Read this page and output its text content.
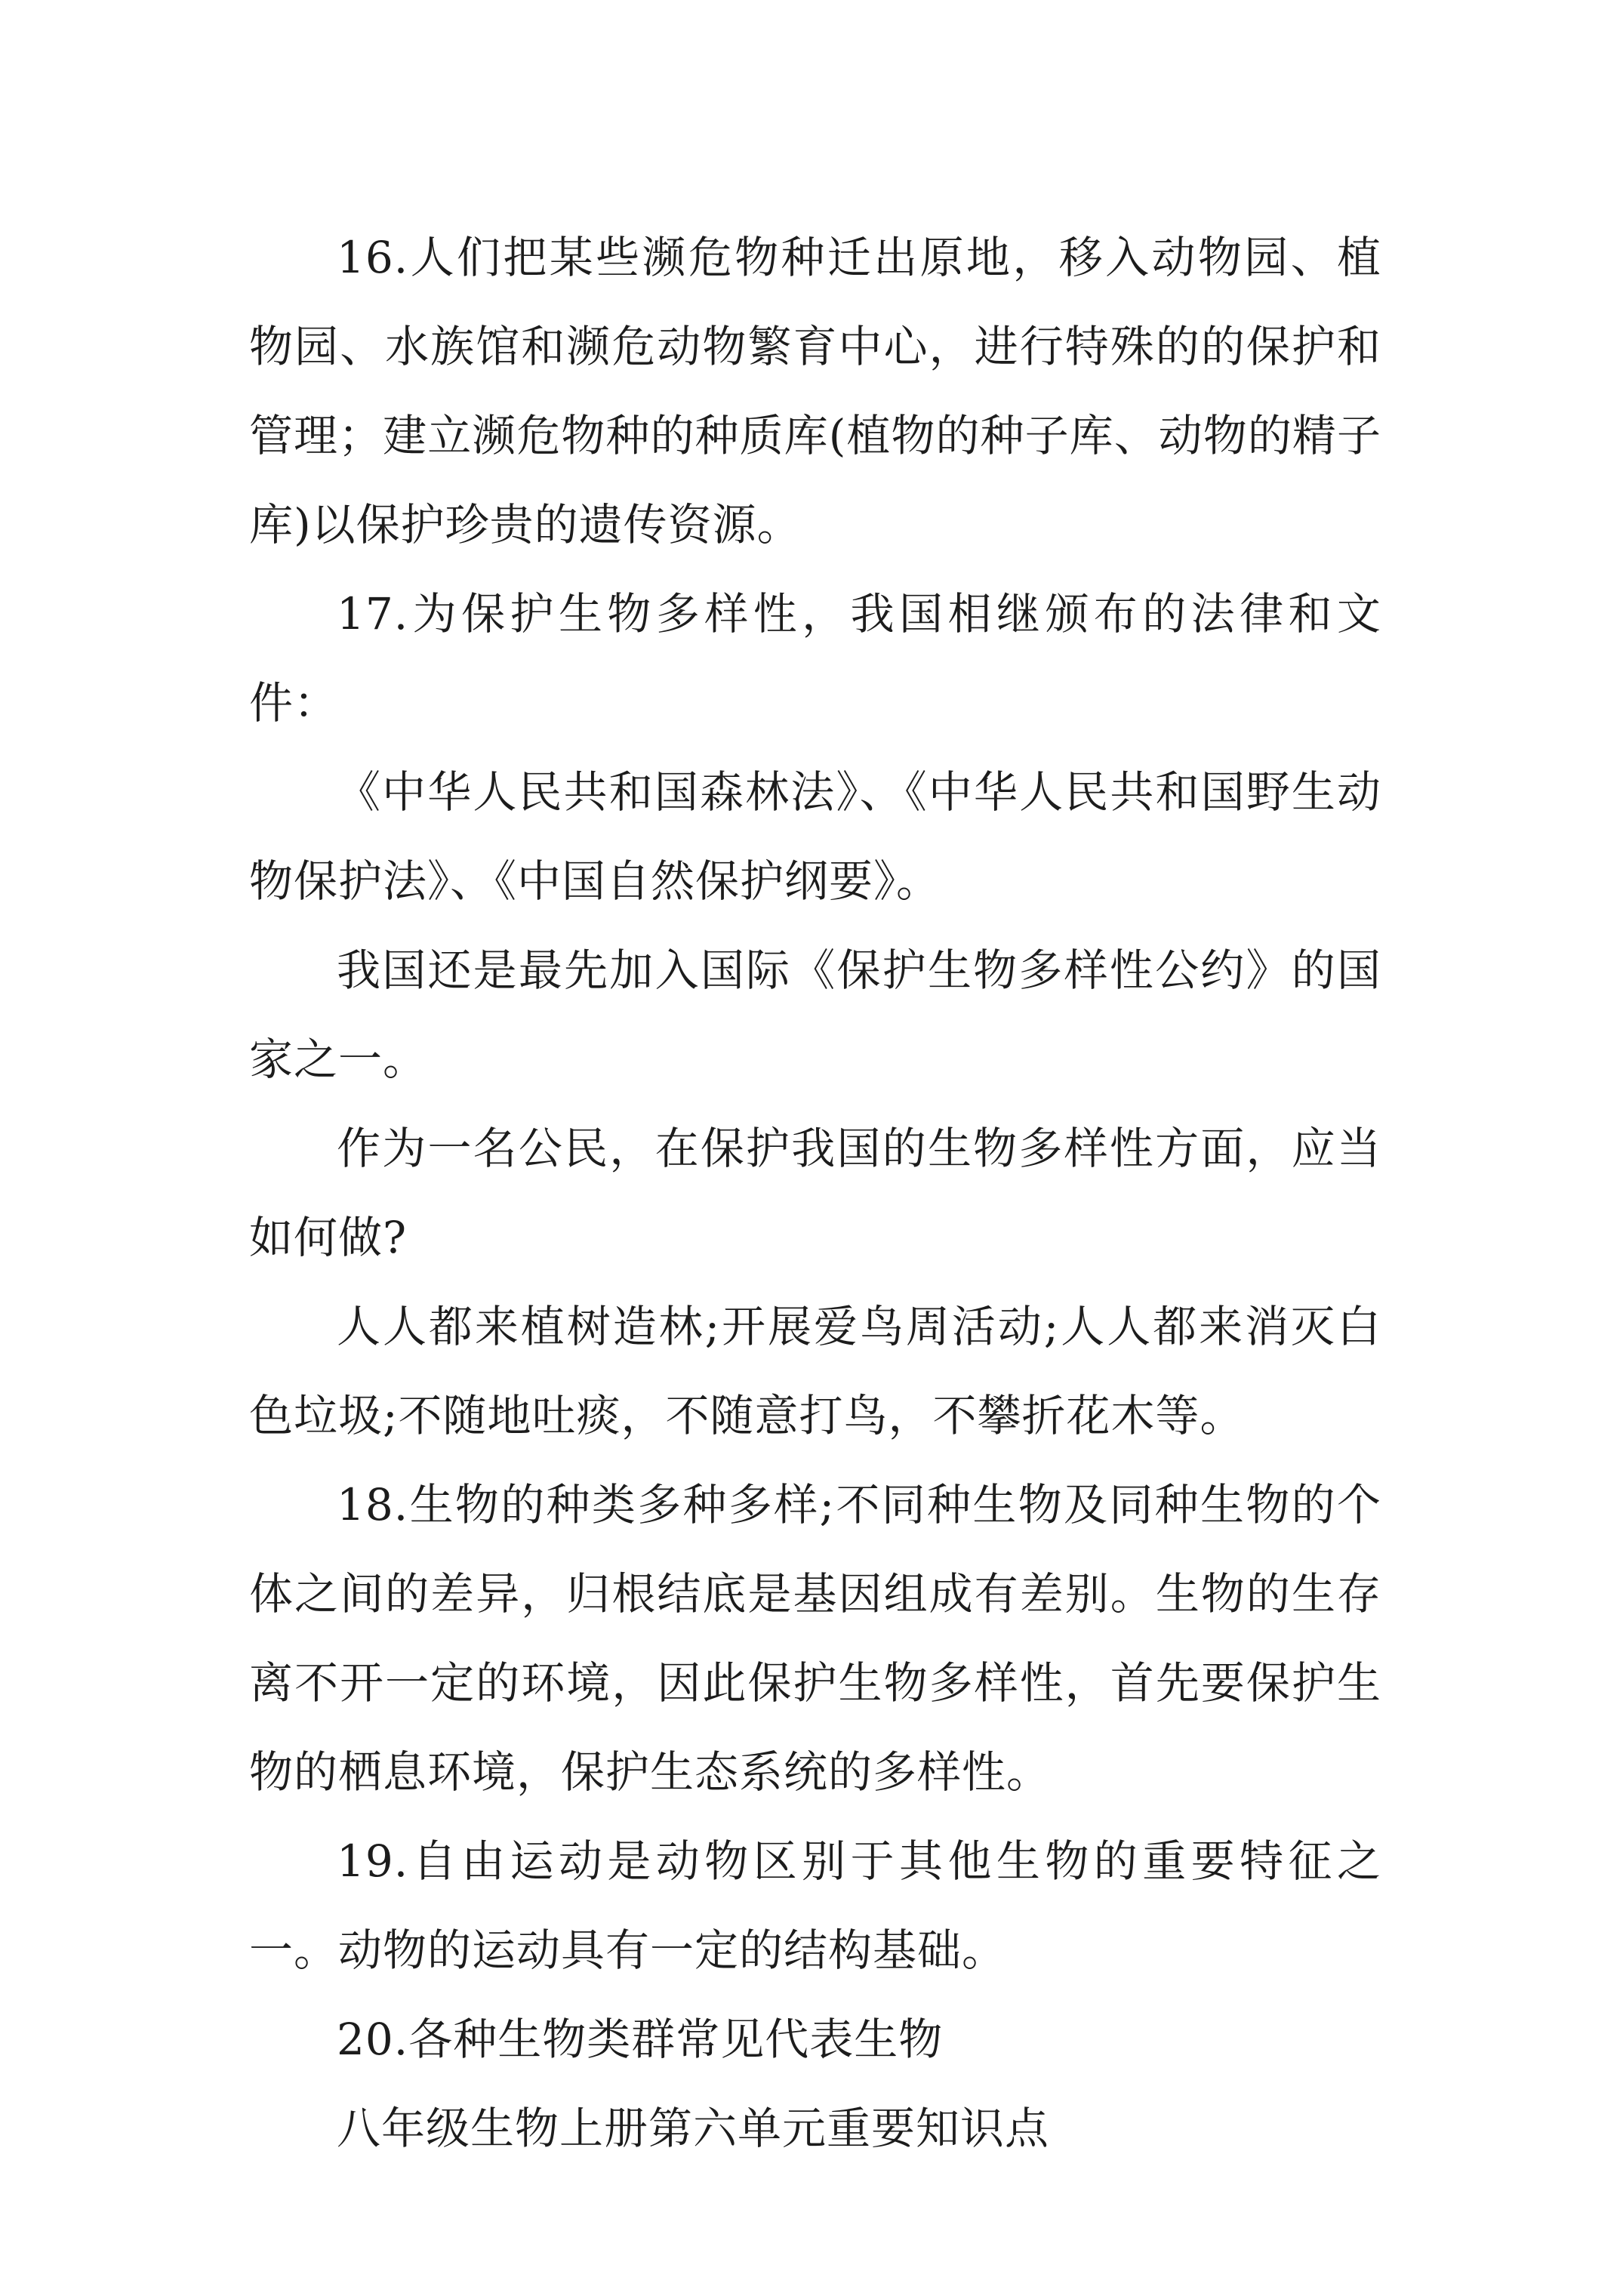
16.人们把某些濒危物种迁出原地，移入动物园、植物园、水族馆和濒危动物繁育中心，进行特殊的的保护和管理；建立濒危物种的种质库(植物的种子库、动物的精子库)以保护珍贵的遗传资源。

17.为保护生物多样性，我国相继颁布的法律和文件：

《中华人民共和国森林法》、《中华人民共和国野生动物保护法》、《中国自然保护纲要》。

我国还是最先加入国际《保护生物多样性公约》的国家之一。

作为一名公民，在保护我国的生物多样性方面，应当如何做?

人人都来植树造林;开展爱鸟周活动;人人都来消灭白色垃圾;不随地吐痰，不随意打鸟，不攀折花木等。

18.生物的种类多种多样;不同种生物及同种生物的个体之间的差异，归根结底是基因组成有差别。生物的生存离不开一定的环境，因此保护生物多样性，首先要保护生物的栖息环境，保护生态系统的多样性。

19.自由运动是动物区别于其他生物的重要特征之一。动物的运动具有一定的结构基础。

20.各种生物类群常见代表生物

八年级生物上册第六单元重要知识点
